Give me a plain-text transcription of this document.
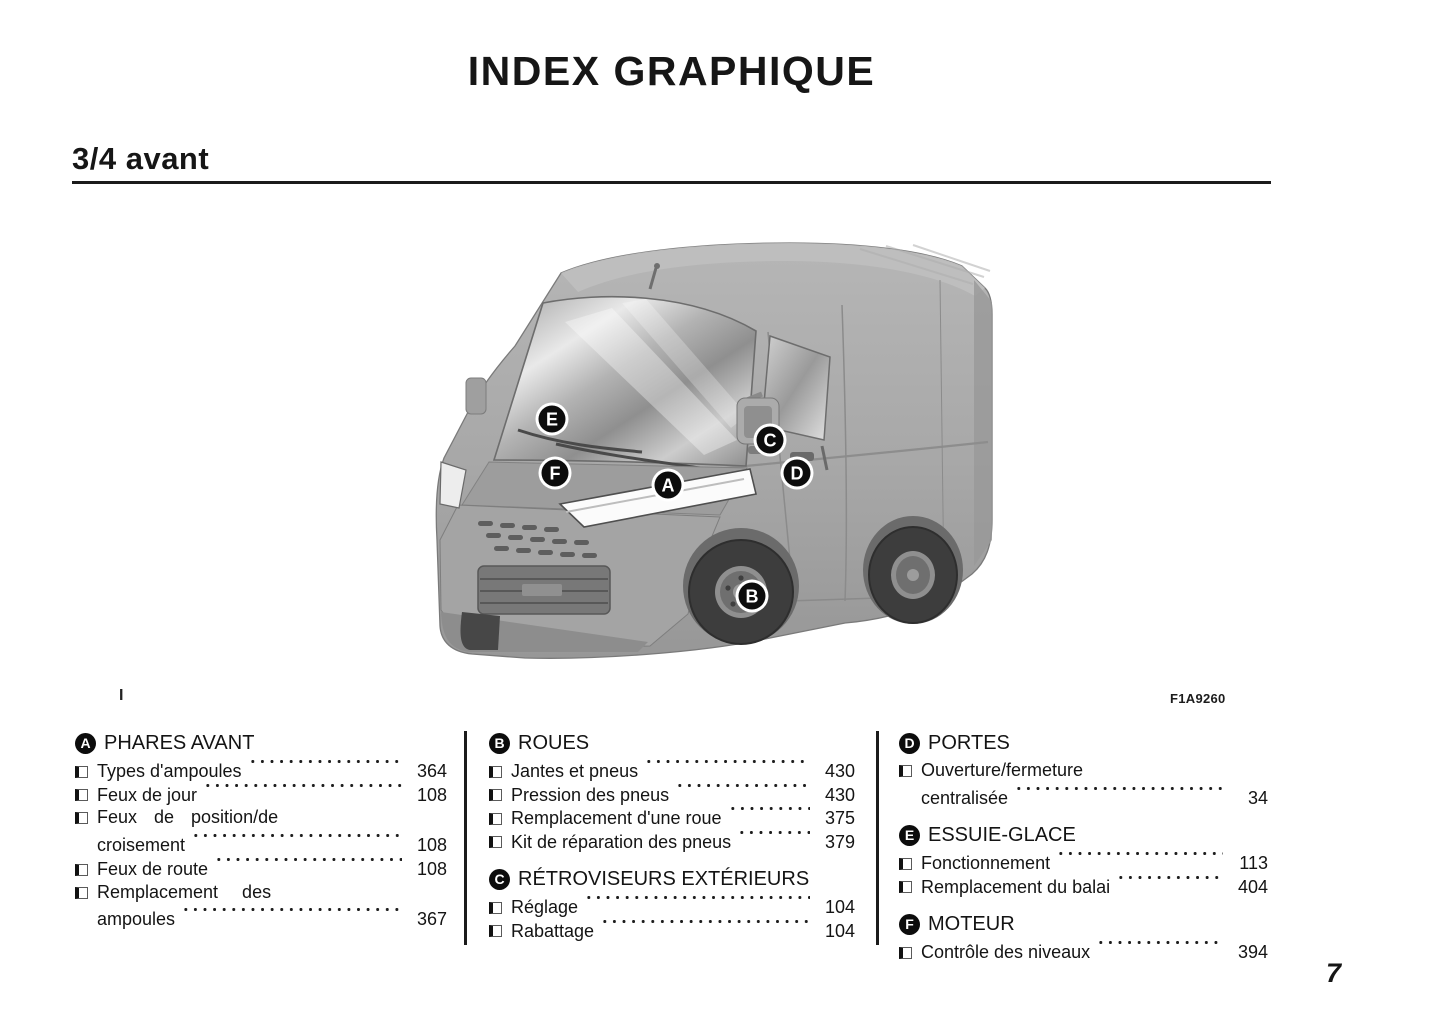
INDEX GRAPHIQUE
3/4 avant
E
F
A
C
D
B
I	F1A9260
A PHARES AVANT
Types d'ampoules	364
Feux de jour	108
Feux de position/de
croisement	108
Feux de route	108
Remplacement des
ampoules	367
B ROUES
Jantes et pneus	430
Pression des pneus	430
Remplacement d'une roue	375
Kit de réparation des pneus	379
C RÉTROVISEURS EXTÉRIEURS
Réglage	104
Rabattage	104
D PORTES
Ouverture/fermeture
centralisée	34
E ESSUIE-GLACE
Fonctionnement	113
Remplacement du balai	404
F MOTEUR
Contrôle des niveaux	394
7
